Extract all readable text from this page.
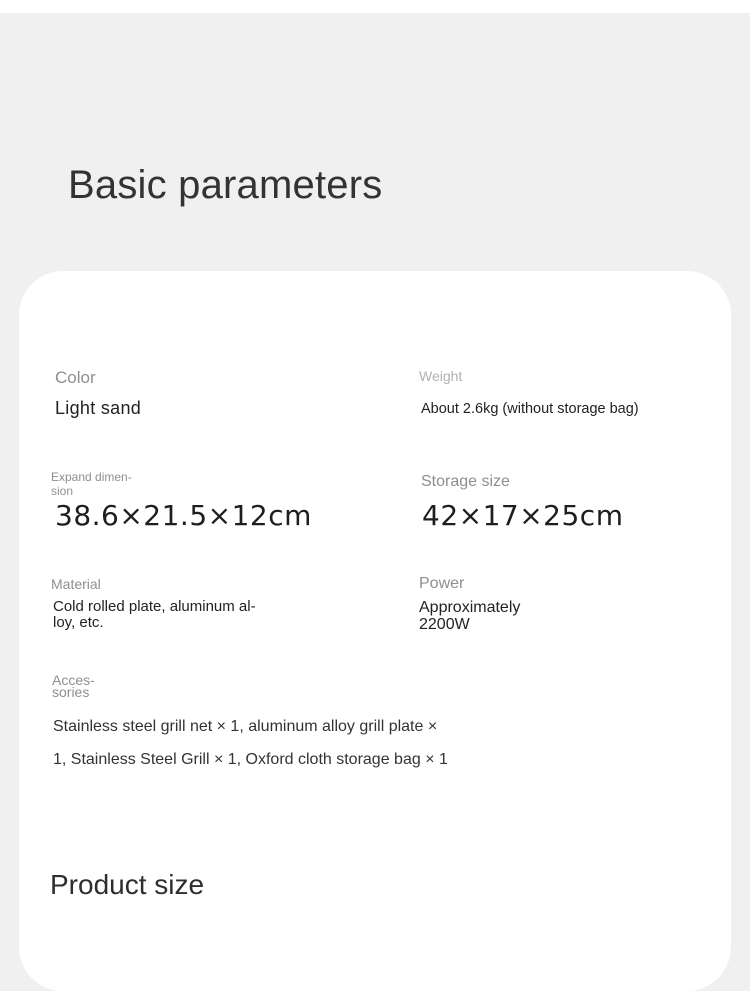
Basic parameters
Color
Light sand
Weight
About 2.6kg (without storage bag)
Expand dimen-
sion
38.6×21.5×12cm
Storage size
42×17×25cm
Material
Cold rolled plate, aluminum al-
loy, etc.
Power
Approximately
2200W
Acces-
sories
Stainless steel grill net × 1, aluminum alloy grill plate ×
1, Stainless Steel Grill × 1, Oxford cloth storage bag × 1
Product size
